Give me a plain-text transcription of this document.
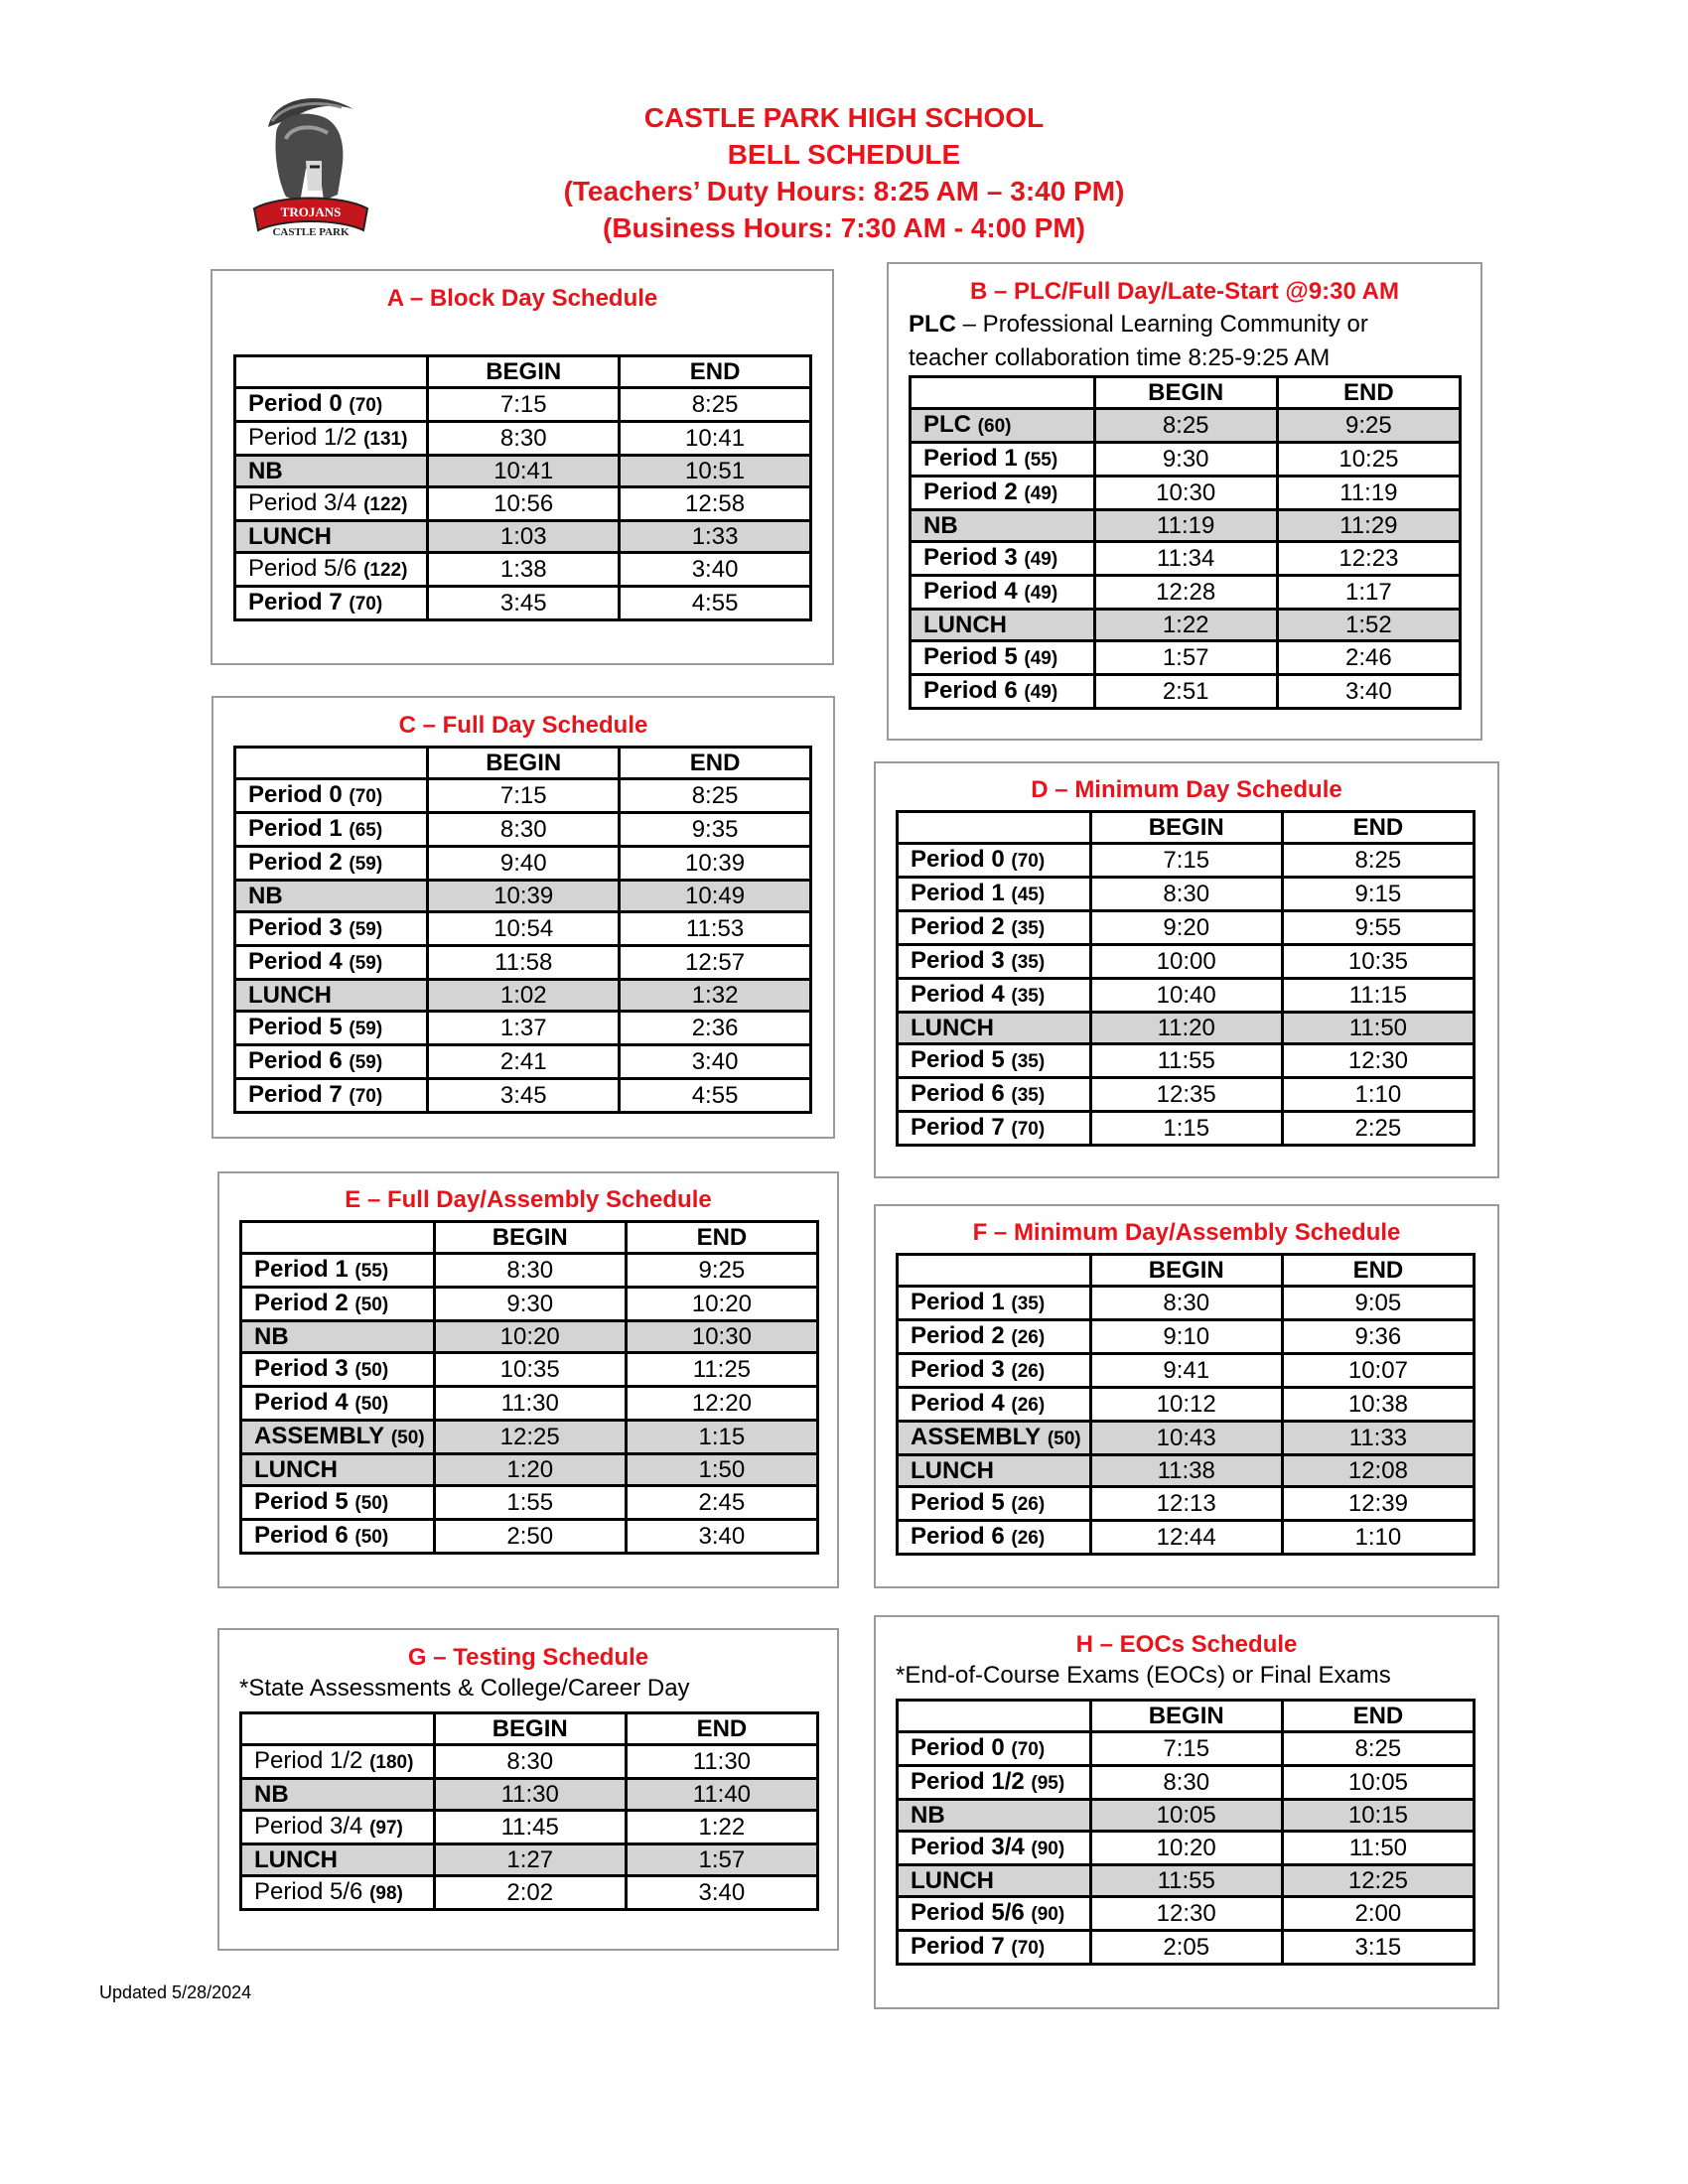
TROJANS
CASTLE PARK
CASTLE PARK HIGH SCHOOL
BELL SCHEDULE
(Teachers’ Duty Hours: 8:25 AM – 3:40 PM)
(Business Hours: 7:30 AM - 4:00 PM)
A – Block Day Schedule
	BEGIN	END
Period 0 (70)	7:15	8:25
Period 1/2 (131)	8:30	10:41
NB	10:41	10:51
Period 3/4 (122)	10:56	12:58
LUNCH	1:03	1:33
Period 5/6 (122)	1:38	3:40
Period 7 (70)	3:45	4:55
B – PLC/Full Day/Late-Start @9:30 AM
PLC – Professional Learning Community or
teacher collaboration time 8:25-9:25 AM
	BEGIN	END
PLC (60)	8:25	9:25
Period 1 (55)	9:30	10:25
Period 2 (49)	10:30	11:19
NB	11:19	11:29
Period 3 (49)	11:34	12:23
Period 4 (49)	12:28	1:17
LUNCH	1:22	1:52
Period 5 (49)	1:57	2:46
Period 6 (49)	2:51	3:40
C – Full Day Schedule
	BEGIN	END
Period 0 (70)	7:15	8:25
Period 1 (65)	8:30	9:35
Period 2 (59)	9:40	10:39
NB	10:39	10:49
Period 3 (59)	10:54	11:53
Period 4 (59)	11:58	12:57
LUNCH	1:02	1:32
Period 5 (59)	1:37	2:36
Period 6 (59)	2:41	3:40
Period 7 (70)	3:45	4:55
D – Minimum Day Schedule
	BEGIN	END
Period 0 (70)	7:15	8:25
Period 1 (45)	8:30	9:15
Period 2 (35)	9:20	9:55
Period 3 (35)	10:00	10:35
Period 4 (35)	10:40	11:15
LUNCH	11:20	11:50
Period 5 (35)	11:55	12:30
Period 6 (35)	12:35	1:10
Period 7 (70)	1:15	2:25
E – Full Day/Assembly Schedule
	BEGIN	END
Period 1 (55)	8:30	9:25
Period 2 (50)	9:30	10:20
NB	10:20	10:30
Period 3 (50)	10:35	11:25
Period 4 (50)	11:30	12:20
ASSEMBLY (50)	12:25	1:15
LUNCH	1:20	1:50
Period 5 (50)	1:55	2:45
Period 6 (50)	2:50	3:40
F – Minimum Day/Assembly Schedule
	BEGIN	END
Period 1 (35)	8:30	9:05
Period 2 (26)	9:10	9:36
Period 3 (26)	9:41	10:07
Period 4 (26)	10:12	10:38
ASSEMBLY (50)	10:43	11:33
LUNCH	11:38	12:08
Period 5 (26)	12:13	12:39
Period 6 (26)	12:44	1:10
G – Testing Schedule
*State Assessments & College/Career Day
	BEGIN	END
Period 1/2 (180)	8:30	11:30
NB	11:30	11:40
Period 3/4 (97)	11:45	1:22
LUNCH	1:27	1:57
Period 5/6 (98)	2:02	3:40
H – EOCs Schedule
*End-of-Course Exams (EOCs) or Final Exams
	BEGIN	END
Period 0 (70)	7:15	8:25
Period 1/2 (95)	8:30	10:05
NB	10:05	10:15
Period 3/4 (90)	10:20	11:50
LUNCH	11:55	12:25
Period 5/6 (90)	12:30	2:00
Period 7 (70)	2:05	3:15
Updated 5/28/2024
